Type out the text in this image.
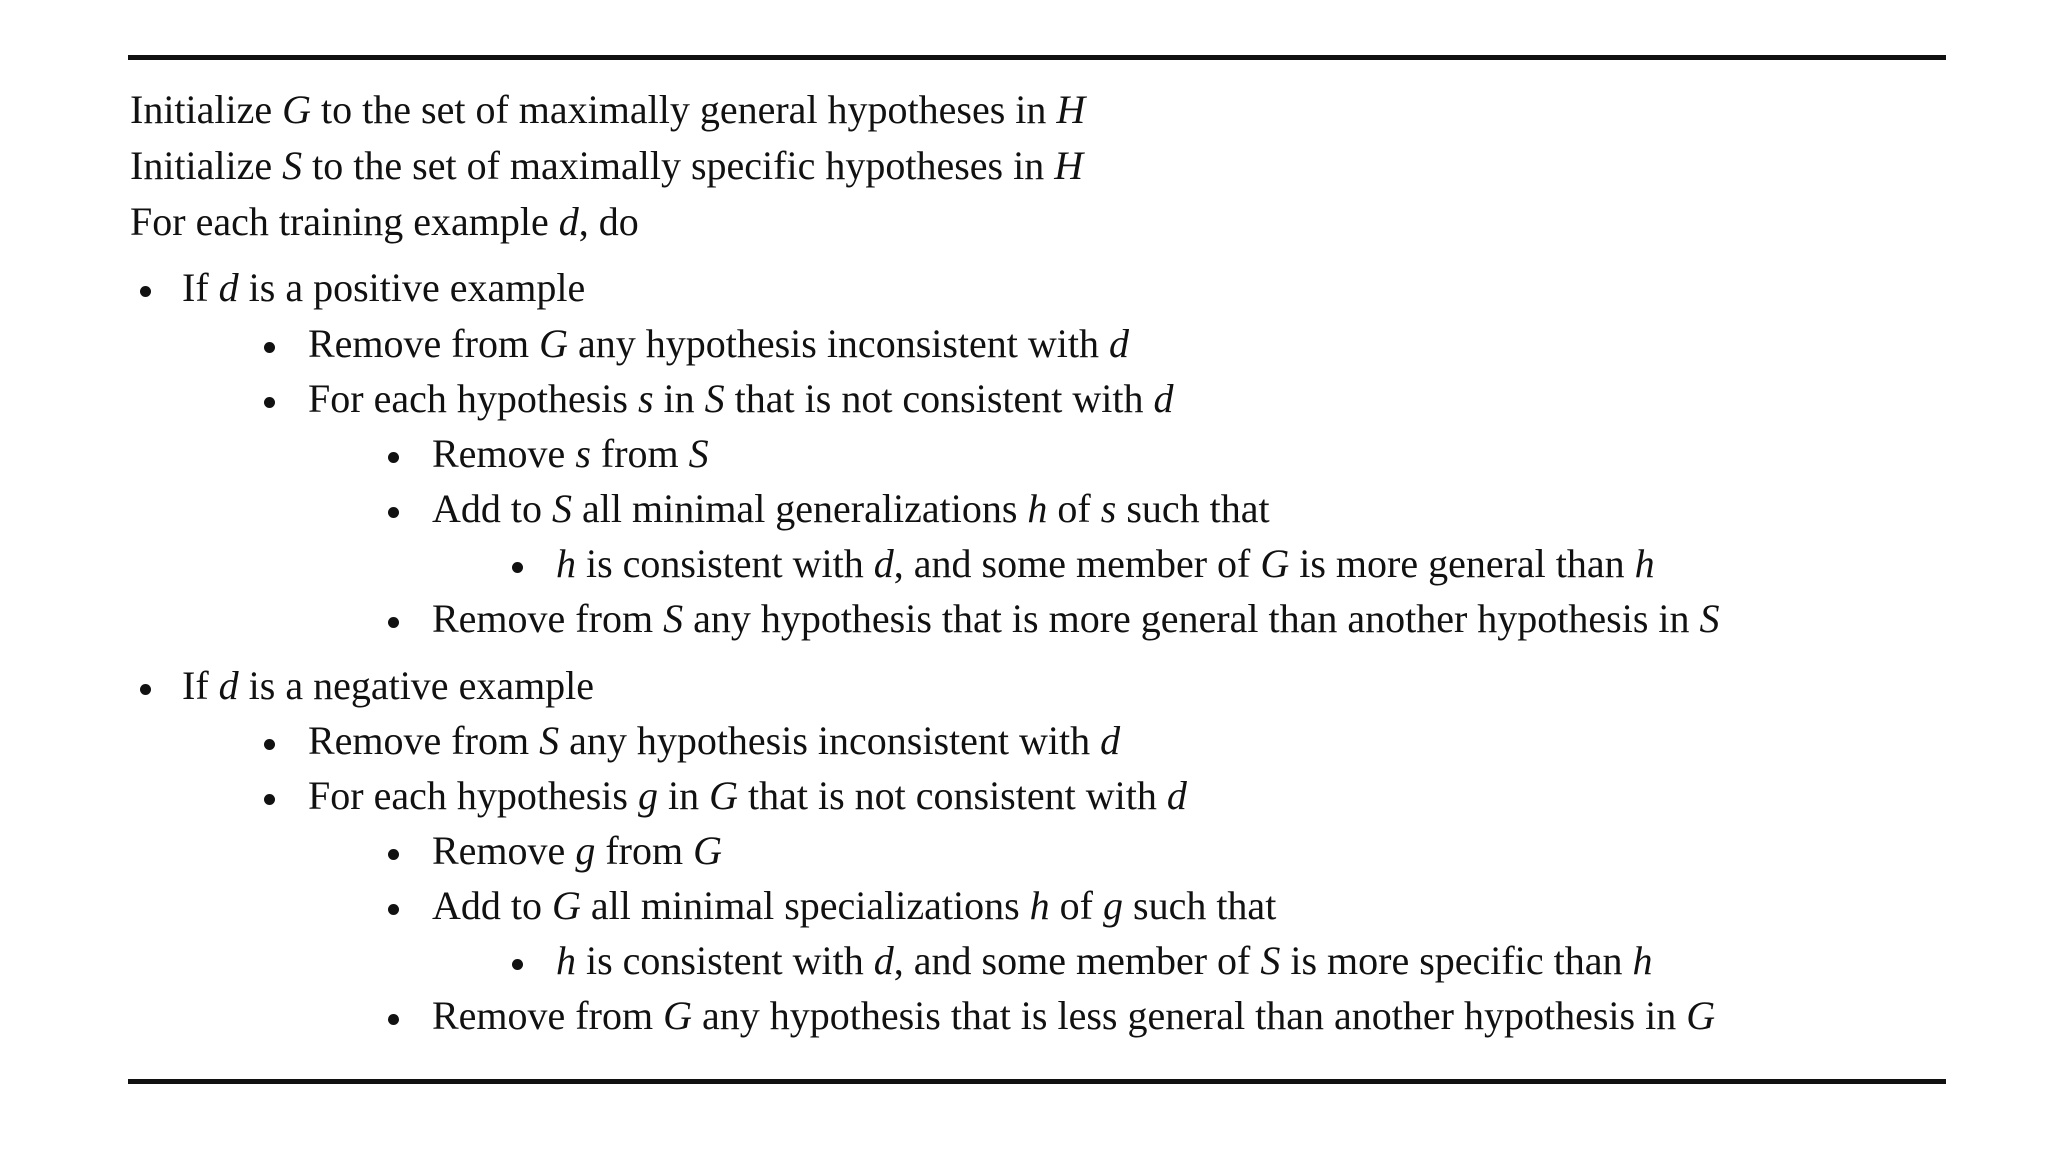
Initialize G to the set of maximally general hypotheses in H
Initialize S to the set of maximally specific hypotheses in H
For each training example d, do
If d is a positive example
Remove from G any hypothesis inconsistent with d
For each hypothesis s in S that is not consistent with d
Remove s from S
Add to S all minimal generalizations h of s such that
h is consistent with d, and some member of G is more general than h
Remove from S any hypothesis that is more general than another hypothesis in S
If d is a negative example
Remove from S any hypothesis inconsistent with d
For each hypothesis g in G that is not consistent with d
Remove g from G
Add to G all minimal specializations h of g such that
h is consistent with d, and some member of S is more specific than h
Remove from G any hypothesis that is less general than another hypothesis in G
